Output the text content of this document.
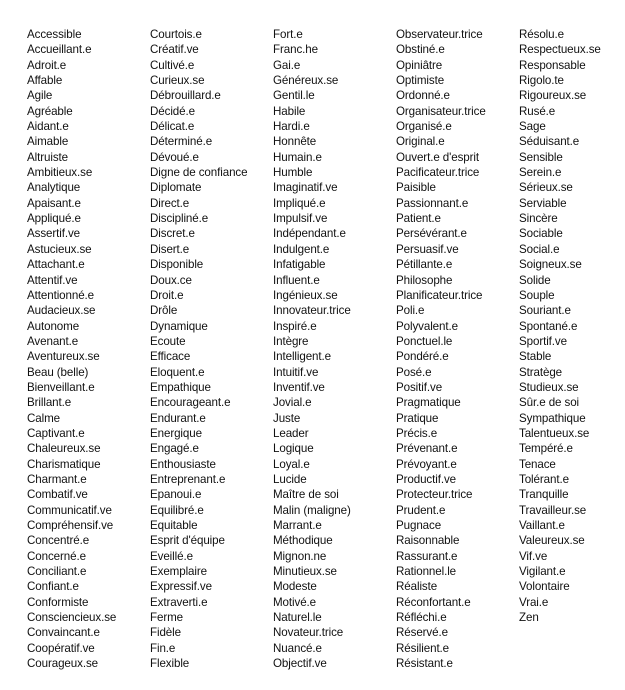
Accessible
Accueillant.e
Adroit.e
Affable
Agile
Agréable
Aidant.e
Aimable
Altruiste
Ambitieux.se
Analytique
Apaisant.e
Appliqué.e
Assertif.ve
Astucieux.se
Attachant.e
Attentif.ve
Attentionné.e
Audacieux.se
Autonome
Avenant.e
Aventureux.se
Beau (belle)
Bienveillant.e
Brillant.e
Calme
Captivant.e
Chaleureux.se
Charismatique
Charmant.e
Combatif.ve
Communicatif.ve
Compréhensif.ve
Concentré.e
Concerné.e
Conciliant.e
Confiant.e
Conformiste
Consciencieux.se
Convaincant.e
Coopératif.ve
Courageux.se
Courtois.e
Créatif.ve
Cultivé.e
Curieux.se
Débrouillard.e
Décidé.e
Délicat.e
Déterminé.e
Dévoué.e
Digne de confiance
Diplomate
Direct.e
Discipliné.e
Discret.e
Disert.e
Disponible
Doux.ce
Droit.e
Drôle
Dynamique
Ecoute
Efficace
Eloquent.e
Empathique
Encourageant.e
Endurant.e
Energique
Engagé.e
Enthousiaste
Entreprenant.e
Epanoui.e
Equilibré.e
Equitable
Esprit d'équipe
Eveillé.e
Exemplaire
Expressif.ve
Extraverti.e
Ferme
Fidèle
Fin.e
Flexible
Fort.e
Franc.he
Gai.e
Généreux.se
Gentil.le
Habile
Hardi.e
Honnête
Humain.e
Humble
Imaginatif.ve
Impliqué.e
Impulsif.ve
Indépendant.e
Indulgent.e
Infatigable
Influent.e
Ingénieux.se
Innovateur.trice
Inspiré.e
Intègre
Intelligent.e
Intuitif.ve
Inventif.ve
Jovial.e
Juste
Leader
Logique
Loyal.e
Lucide
Maître de soi
Malin (maligne)
Marrant.e
Méthodique
Mignon.ne
Minutieux.se
Modeste
Motivé.e
Naturel.le
Novateur.trice
Nuancé.e
Objectif.ve
Observateur.trice
Obstiné.e
Opiniâtre
Optimiste
Ordonné.e
Organisateur.trice
Organisé.e
Original.e
Ouvert.e d'esprit
Pacificateur.trice
Paisible
Passionnant.e
Patient.e
Persévérant.e
Persuasif.ve
Pétillante.e
Philosophe
Planificateur.trice
Poli.e
Polyvalent.e
Ponctuel.le
Pondéré.e
Posé.e
Positif.ve
Pragmatique
Pratique
Précis.e
Prévenant.e
Prévoyant.e
Productif.ve
Protecteur.trice
Prudent.e
Pugnace
Raisonnable
Rassurant.e
Rationnel.le
Réaliste
Réconfortant.e
Réfléchi.e
Réservé.e
Résilient.e
Résistant.e
Résolu.e
Respectueux.se
Responsable
Rigolo.te
Rigoureux.se
Rusé.e
Sage
Séduisant.e
Sensible
Serein.e
Sérieux.se
Serviable
Sincère
Sociable
Social.e
Soigneux.se
Solide
Souple
Souriant.e
Spontané.e
Sportif.ve
Stable
Stratège
Studieux.se
Sûr.e de soi
Sympathique
Talentueux.se
Tempéré.e
Tenace
Tolérant.e
Tranquille
Travailleur.se
Vaillant.e
Valeureux.se
Vif.ve
Vigilant.e
Volontaire
Vrai.e
Zen
